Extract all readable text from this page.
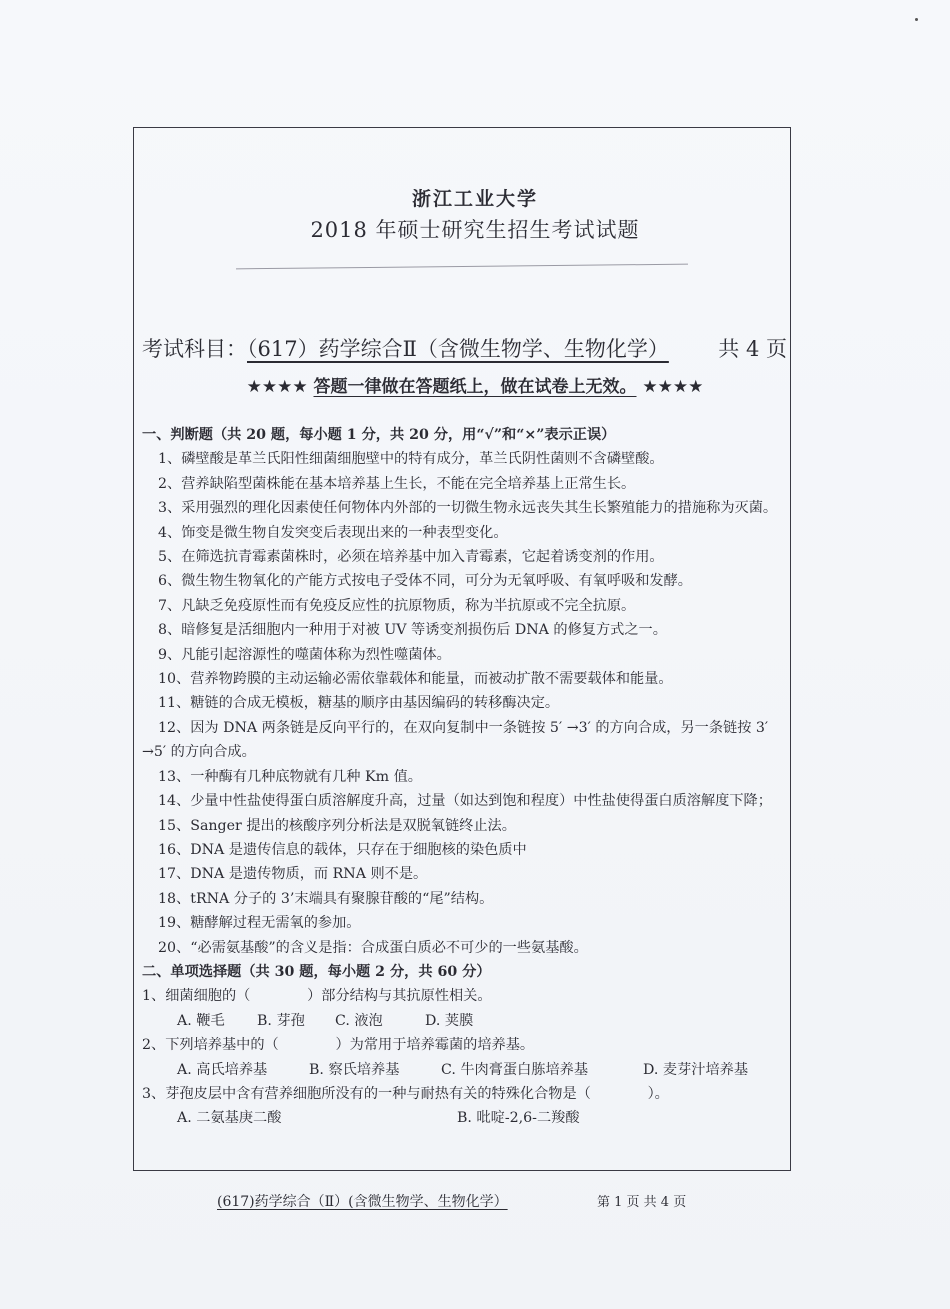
浙江工业大学
2018 年硕士研究生招生考试试题
考试科目：（617）药学综合Ⅱ（含微生物学、生物化学） 共 4 页
★★★★ 答题一律做在答题纸上，做在试卷上无效。 ★★★★

一、判断题（共 20 题，每小题 1 分，共 20 分，用“√”和“×”表示正误）

1、磷壁酸是革兰氏阳性细菌细胞壁中的特有成分，革兰氏阴性菌则不含磷壁酸。

2、营养缺陷型菌株能在基本培养基上生长，不能在完全培养基上正常生长。

3、采用强烈的理化因素使任何物体内外部的一切微生物永远丧失其生长繁殖能力的措施称为灭菌。

4、饰变是微生物自发突变后表现出来的一种表型变化。

5、在筛选抗青霉素菌株时，必须在培养基中加入青霉素，它起着诱变剂的作用。

6、微生物生物氧化的产能方式按电子受体不同，可分为无氧呼吸、有氧呼吸和发酵。

7、凡缺乏免疫原性而有免疫反应性的抗原物质，称为半抗原或不完全抗原。

8、暗修复是活细胞内一种用于对被 UV 等诱变剂损伤后 DNA 的修复方式之一。

9、凡能引起溶源性的噬菌体称为烈性噬菌体。

10、营养物跨膜的主动运输必需依靠载体和能量，而被动扩散不需要载体和能量。

11、糖链的合成无模板，糖基的顺序由基因编码的转移酶决定。

12、因为 DNA 两条链是反向平行的，在双向复制中一条链按 5′ →3′ 的方向合成，另一条链按 3′ →5′ 的方向合成。

13、一种酶有几种底物就有几种 Km 值。

14、少量中性盐使得蛋白质溶解度升高，过量（如达到饱和程度）中性盐使得蛋白质溶解度下降；

15、Sanger 提出的核酸序列分析法是双脱氧链终止法。

16、DNA 是遗传信息的载体，只存在于细胞核的染色质中

17、DNA 是遗传物质，而 RNA 则不是。

18、tRNA 分子的 3’末端具有聚腺苷酸的“尾”结构。

19、糖酵解过程无需氧的参加。

20、“必需氨基酸”的含义是指：合成蛋白质必不可少的一些氨基酸。

二、单项选择题（共 30 题，每小题 2 分，共 60 分）

1、细菌细胞的（　　　　）部分结构与其抗原性相关。

A. 鞭毛 B. 芽孢 C. 液泡	D. 荚膜

2、下列培养基中的（　　　　）为常用于培养霉菌的培养基。

A. 高氏培养基	B. 察氏培养基	C. 牛肉膏蛋白胨培养基	D. 麦芽汁培养基

3、芽孢皮层中含有营养细胞所没有的一种与耐热有关的特殊化合物是（　　　　）。

A. 二氨基庚二酸	B. 吡啶-2,6-二羧酸

(617)药学综合（Ⅱ）(含微生物学、生物化学）	第 1 页 共 4 页
